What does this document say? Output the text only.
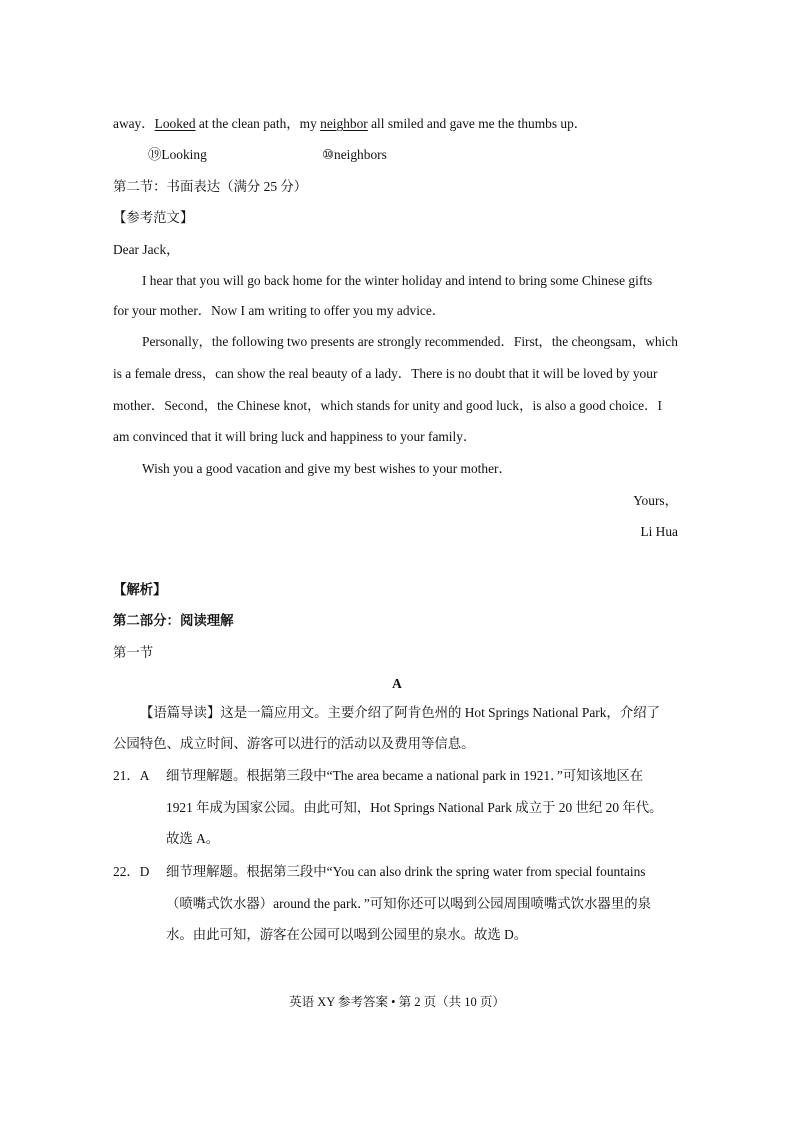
away．Looked at the clean path，my neighbor all smiled and gave me the thumbs up．
⑲Looking	⑩neighbors
第二节：书面表达（满分 25 分）
【参考范文】
Dear Jack，
I hear that you will go back home for the winter holiday and intend to bring some Chinese gifts
for your mother．Now I am writing to offer you my advice．
Personally，the following two presents are strongly recommended．First，the cheongsam，which
is a female dress，can show the real beauty of a lady．There is no doubt that it will be loved by your
mother．Second，the Chinese knot，which stands for unity and good luck，is also a good choice．I
am convinced that it will bring luck and happiness to your family．
Wish you a good vacation and give my best wishes to your mother．
Yours，
Li Hua
【解析】
第二部分：阅读理解
第一节
A
【语篇导读】这是一篇应用文。主要介绍了阿肯色州的 Hot Springs National Park，介绍了
公园特色、成立时间、游客可以进行的活动以及费用等信息。
21．A 细节理解题。根据第三段中“The area became a national park in 1921．”可知该地区在
1921 年成为国家公园。由此可知，Hot Springs National Park 成立于 20 世纪 20 年代。
故选 A。
22．D 细节理解题。根据第三段中“You can also drink the spring water from special fountains
（喷嘴式饮水器）around the park．”可知你还可以喝到公园周围喷嘴式饮水器里的泉
水。由此可知，游客在公园可以喝到公园里的泉水。故选 D。
英语 XY 参考答案 • 第 2 页（共 10 页）
